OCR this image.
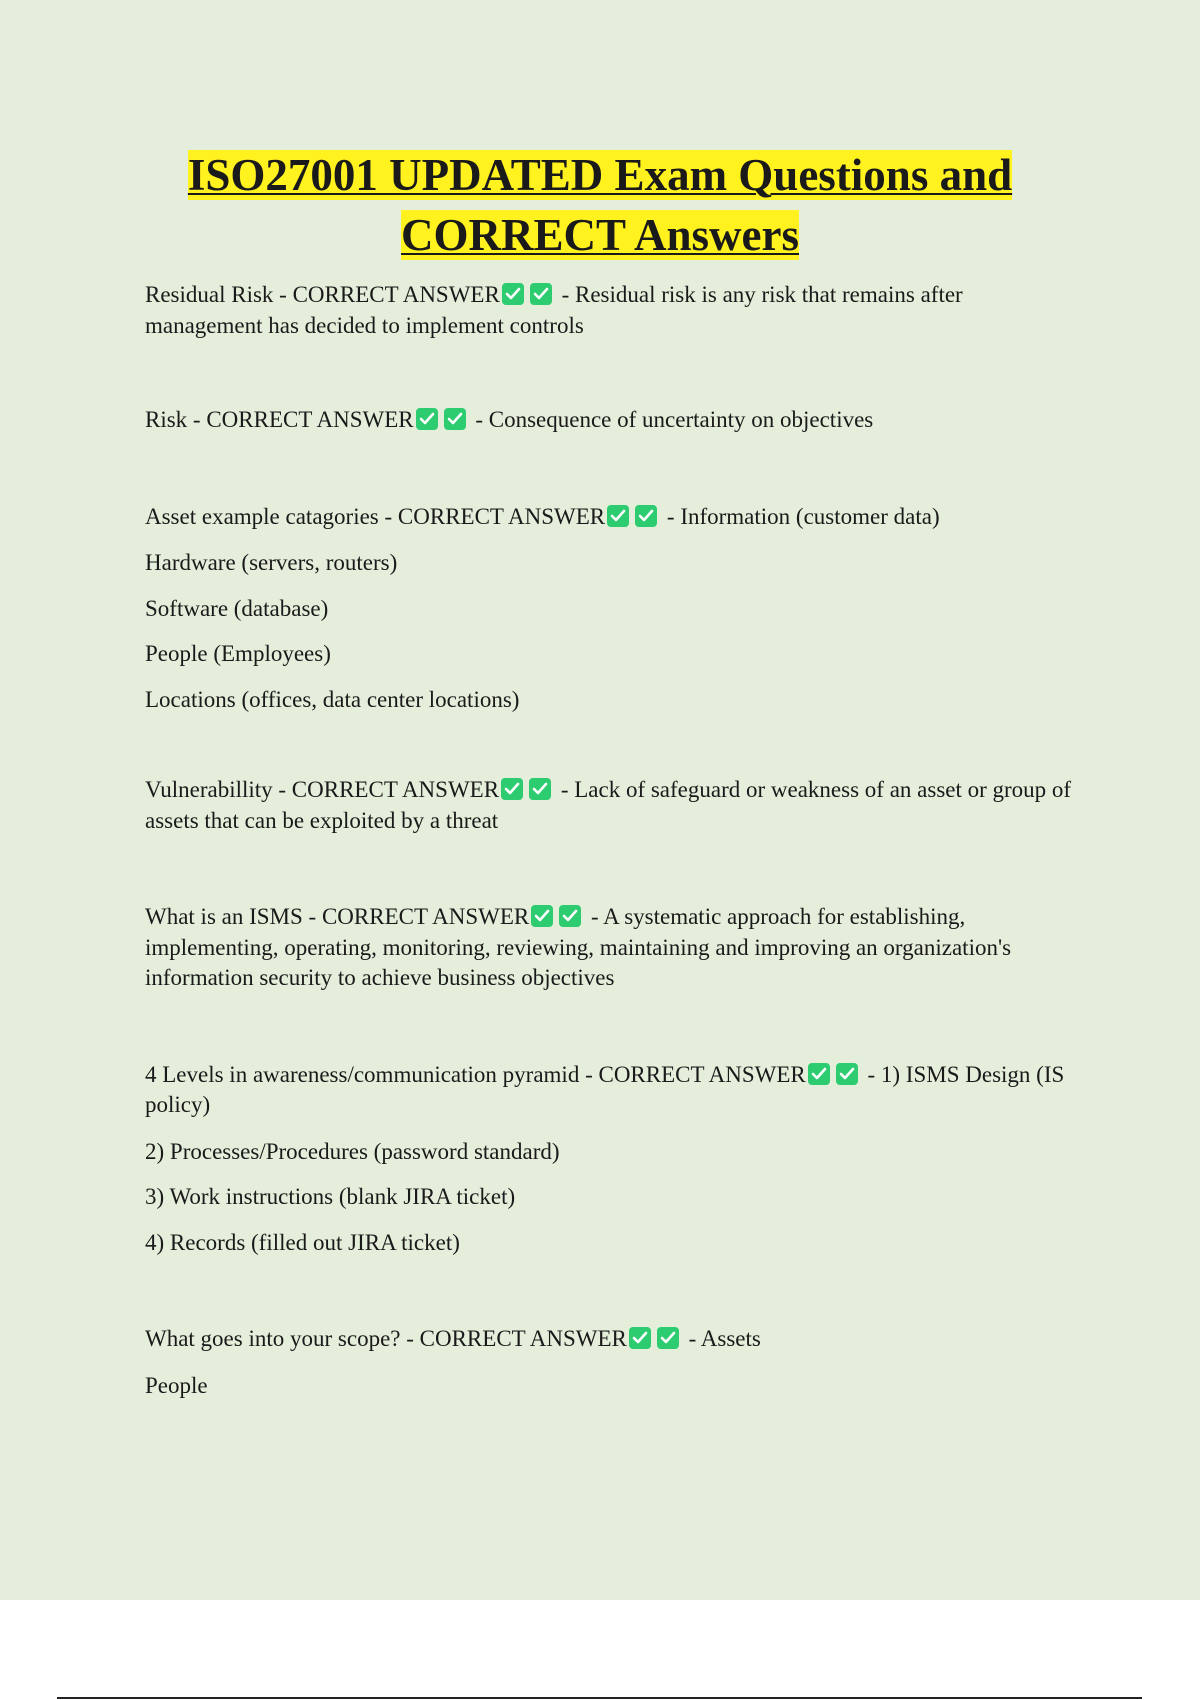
ISO27001 UPDATED Exam Questions and
CORRECT Answers

Residual Risk - CORRECT ANSWER
- Residual risk is any risk that remains after management has decided to implement controls

Risk - CORRECT ANSWER
- Consequence of uncertainty on objectives

Asset example catagories - CORRECT ANSWER
- Information (customer data)

Hardware (servers, routers)

Software (database)

People (Employees)

Locations (offices, data center locations)

Vulnerabillity - CORRECT ANSWER
- Lack of safeguard or weakness of an asset or group of assets that can be exploited by a threat

What is an ISMS - CORRECT ANSWER
- A systematic approach for establishing, implementing, operating, monitoring, reviewing, maintaining and improving an organization's information security to achieve business objectives

4 Levels in awareness/communication pyramid - CORRECT ANSWER
- 1) ISMS Design (IS policy)

2) Processes/Procedures (password standard)

3) Work instructions (blank JIRA ticket)

4) Records (filled out JIRA ticket)

What goes into your scope? - CORRECT ANSWER
- Assets

People
